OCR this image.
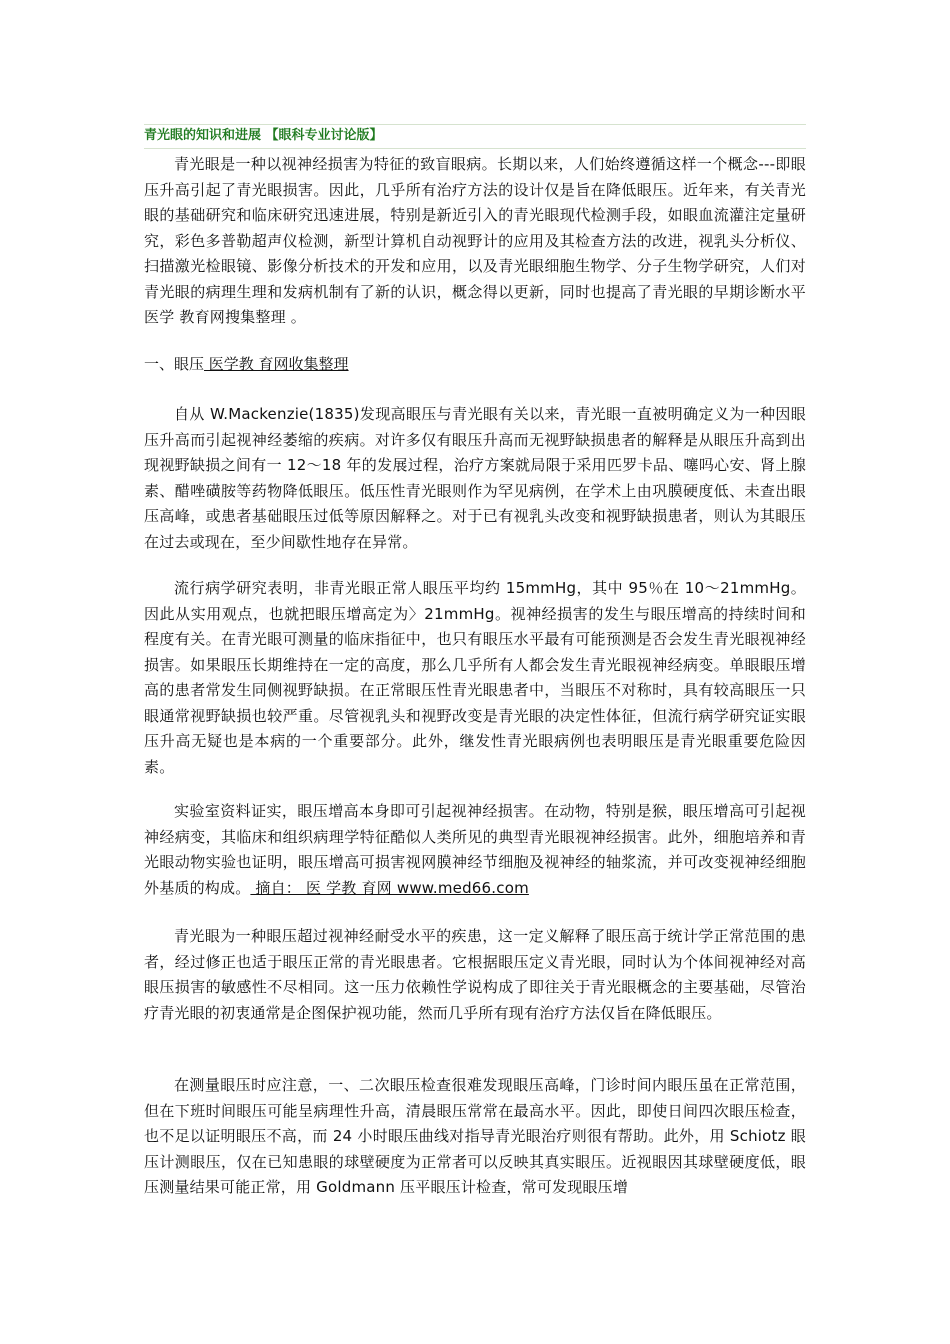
青光眼的知识和进展 【眼科专业讨论版】

青光眼是一种以视神经损害为特征的致盲眼病。长期以来，人们始终遵循这样一个概念---即眼压升高引起了青光眼损害。因此，几乎所有治疗方法的设计仅是旨在降低眼压。近年来，有关青光眼的基础研究和临床研究迅速进展，特别是新近引入的青光眼现代检测手段，如眼血流灌注定量研究，彩色多普勒超声仪检测，新型计算机自动视野计的应用及其检查方法的改进，视乳头分析仪、扫描激光检眼镜、影像分析技术的开发和应用，以及青光眼细胞生物学、分子生物学研究，人们对青光眼的病理生理和发病机制有了新的认识，概念得以更新，同时也提高了青光眼的早期诊断水平 医学 教育网搜集整理 。

一、眼压 医学教 育网收集整理

自从 W.Mackenzie(1835)发现高眼压与青光眼有关以来，青光眼一直被明确定义为一种因眼压升高而引起视神经萎缩的疾病。对许多仅有眼压升高而无视野缺损患者的解释是从眼压升高到出现视野缺损之间有一 12～18 年的发展过程，治疗方案就局限于采用匹罗卡品、噻吗心安、肾上腺素、醋唑磺胺等药物降低眼压。低压性青光眼则作为罕见病例，在学术上由巩膜硬度低、未查出眼压高峰，或患者基础眼压过低等原因解释之。对于已有视乳头改变和视野缺损患者，则认为其眼压在过去或现在，至少间歇性地存在异常。

流行病学研究表明，非青光眼正常人眼压平均约 15mmHg，其中 95％在 10～21mmHg。因此从实用观点，也就把眼压增高定为〉21mmHg。视神经损害的发生与眼压增高的持续时间和程度有关。在青光眼可测量的临床指征中，也只有眼压水平最有可能预测是否会发生青光眼视神经损害。如果眼压长期维持在一定的高度，那么几乎所有人都会发生青光眼视神经病变。单眼眼压增高的患者常发生同侧视野缺损。在正常眼压性青光眼患者中，当眼压不对称时，具有较高眼压一只眼通常视野缺损也较严重。尽管视乳头和视野改变是青光眼的决定性体征，但流行病学研究证实眼压升高无疑也是本病的一个重要部分。此外，继发性青光眼病例也表明眼压是青光眼重要危险因素。

实验室资料证实，眼压增高本身即可引起视神经损害。在动物，特别是猴，眼压增高可引起视神经病变，其临床和组织病理学特征酷似人类所见的典型青光眼视神经损害。此外，细胞培养和青光眼动物实验也证明，眼压增高可损害视网膜神经节细胞及视神经的轴浆流，并可改变视神经细胞外基质的构成。 摘自： 医 学教 育网 www.med66.com

青光眼为一种眼压超过视神经耐受水平的疾患，这一定义解释了眼压高于统计学正常范围的患者，经过修正也适于眼压正常的青光眼患者。它根据眼压定义青光眼，同时认为个体间视神经对高眼压损害的敏感性不尽相同。这一压力依赖性学说构成了即往关于青光眼概念的主要基础，尽管治疗青光眼的初衷通常是企图保护视功能，然而几乎所有现有治疗方法仅旨在降低眼压。

在测量眼压时应注意，一、二次眼压检查很难发现眼压高峰，门诊时间内眼压虽在正常范围，但在下班时间眼压可能呈病理性升高，清晨眼压常常在最高水平。因此，即使日间四次眼压检查，也不足以证明眼压不高，而 24 小时眼压曲线对指导青光眼治疗则很有帮助。此外，用 Schiotz 眼压计测眼压，仅在已知患眼的球壁硬度为正常者可以反映其真实眼压。近视眼因其球壁硬度低，眼压测量结果可能正常，用 Goldmann 压平眼压计检查，常可发现眼压增
